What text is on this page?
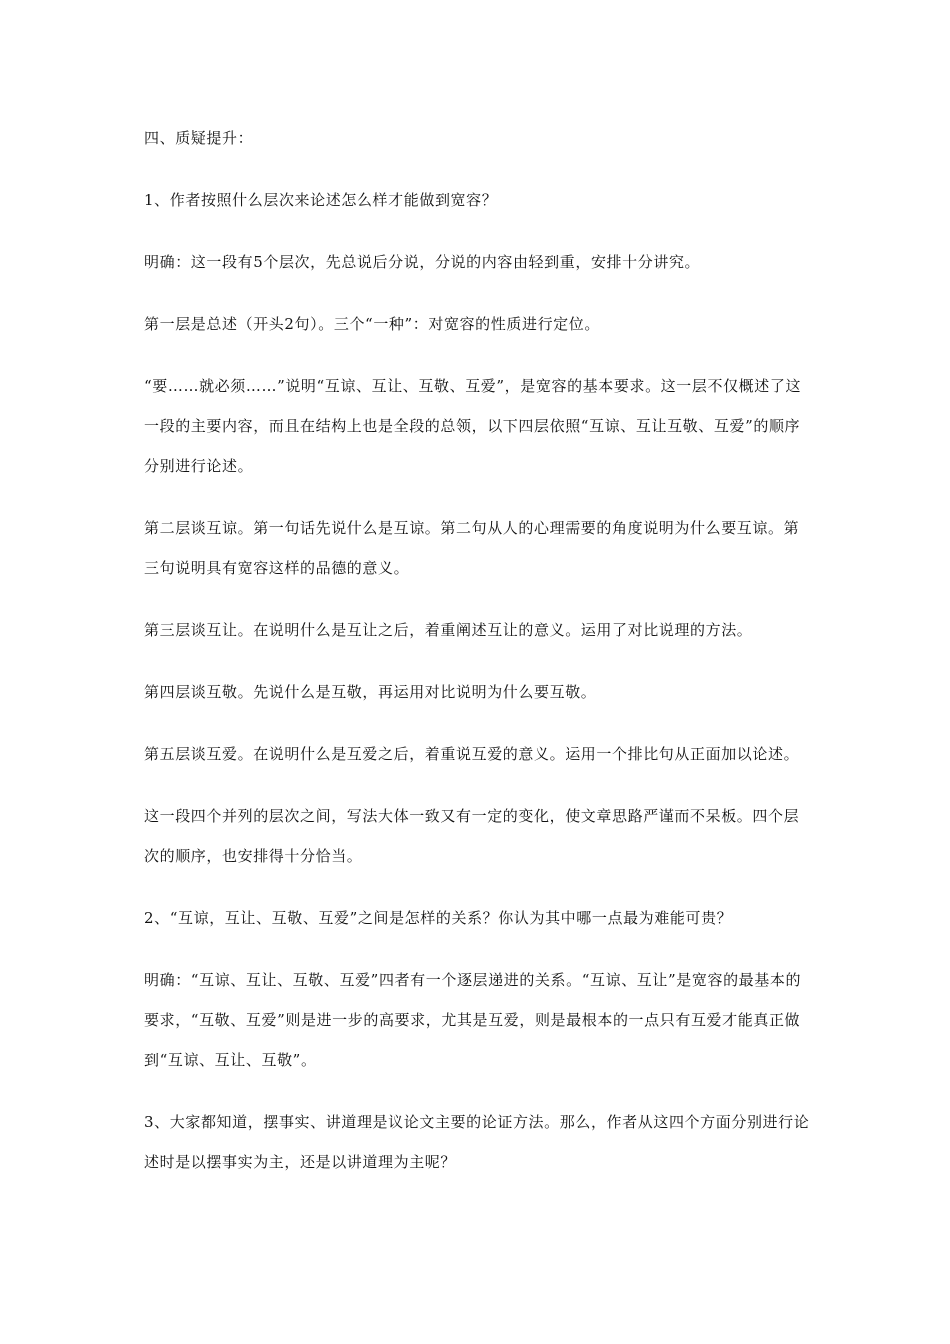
四、质疑提升：

1、作者按照什么层次来论述怎么样才能做到宽容？

明确：这一段有5个层次，先总说后分说，分说的内容由轻到重，安排十分讲究。

第一层是总述（开头2句）。三个“一种”：对宽容的性质进行定位。

“要……就必须……”说明“互谅、互让、互敬、互爱”，是宽容的基本要求。这一层不仅概述了这一段的主要内容，而且在结构上也是全段的总领，以下四层依照“互谅、互让互敬、互爱”的顺序分别进行论述。

第二层谈互谅。第一句话先说什么是互谅。第二句从人的心理需要的角度说明为什么要互谅。第三句说明具有宽容这样的品德的意义。

第三层谈互让。在说明什么是互让之后，着重阐述互让的意义。运用了对比说理的方法。

第四层谈互敬。先说什么是互敬，再运用对比说明为什么要互敬。

第五层谈互爱。在说明什么是互爱之后，着重说互爱的意义。运用一个排比句从正面加以论述。

这一段四个并列的层次之间，写法大体一致又有一定的变化，使文章思路严谨而不呆板。四个层次的顺序，也安排得十分恰当。

2、“互谅，互让、互敬、互爱”之间是怎样的关系？你认为其中哪一点最为难能可贵？

明确：“互谅、互让、互敬、互爱”四者有一个逐层递进的关系。“互谅、互让”是宽容的最基本的要求，“互敬、互爱”则是进一步的高要求，尤其是互爱，则是最根本的一点只有互爱才能真正做到“互谅、互让、互敬”。

3、大家都知道，摆事实、讲道理是议论文主要的论证方法。那么，作者从这四个方面分别进行论述时是以摆事实为主，还是以讲道理为主呢？
